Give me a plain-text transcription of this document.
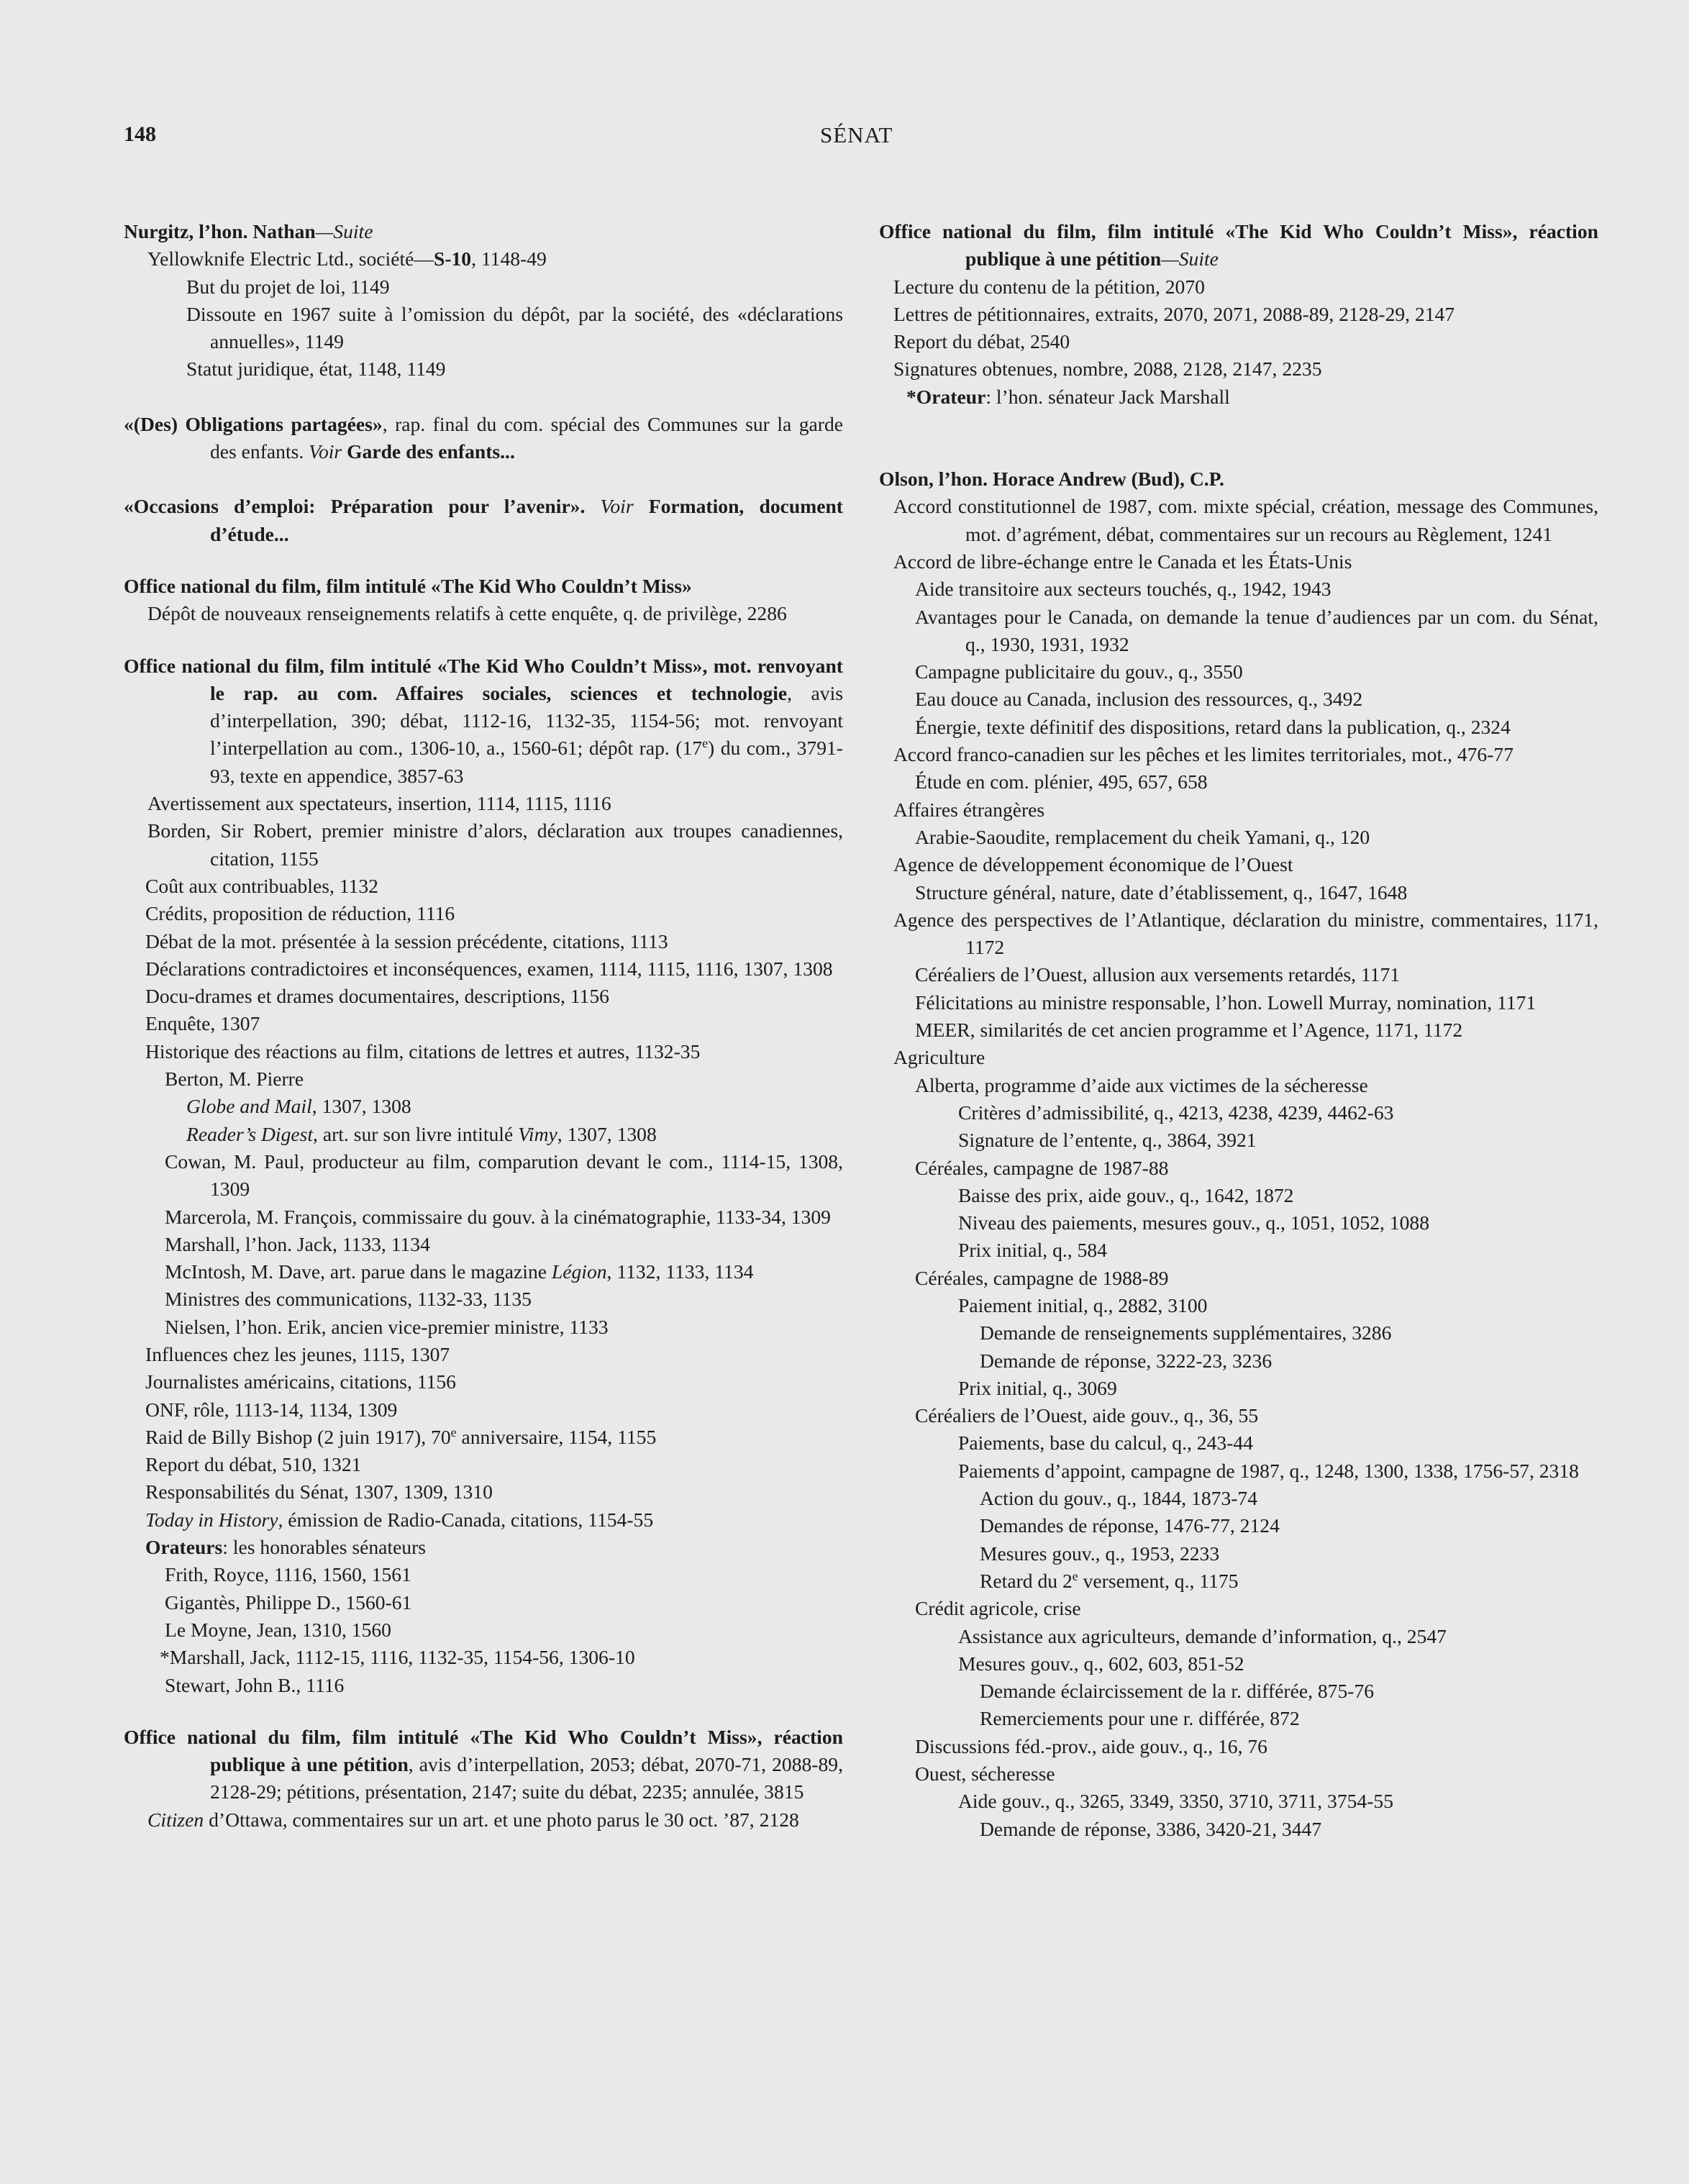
148	SÉNAT

Nurgitz, l’hon. Nathan—Suite

Yellowknife Electric Ltd., société—S-10, 1148-49

But du projet de loi, 1149

Dissoute en 1967 suite à l’omission du dépôt, par la société, des «déclarations annuelles», 1149

Statut juridique, état, 1148, 1149

«(Des) Obligations partagées», rap. final du com. spécial des Communes sur la garde des enfants. Voir Garde des enfants...

«Occasions d’emploi: Préparation pour l’avenir». Voir Formation, document d’étude...

Office national du film, film intitulé «The Kid Who Couldn’t Miss»

Dépôt de nouveaux renseignements relatifs à cette enquête, q. de privilège, 2286

Office national du film, film intitulé «The Kid Who Couldn’t Miss», mot. renvoyant le rap. au com. Affaires sociales, sciences et technologie, avis d’interpellation, 390; débat, 1112-16, 1132-35, 1154-56; mot. renvoyant l’interpellation au com., 1306-10, a., 1560-61; dépôt rap. (17e) du com., 3791-93, texte en appendice, 3857-63

Avertissement aux spectateurs, insertion, 1114, 1115, 1116

Borden, Sir Robert, premier ministre d’alors, déclaration aux troupes canadiennes, citation, 1155

Coût aux contribuables, 1132

Crédits, proposition de réduction, 1116

Débat de la mot. présentée à la session précédente, citations, 1113

Déclarations contradictoires et inconséquences, examen, 1114, 1115, 1116, 1307, 1308

Docu-drames et drames documentaires, descriptions, 1156

Enquête, 1307

Historique des réactions au film, citations de lettres et autres, 1132-35

Berton, M. Pierre

Globe and Mail, 1307, 1308

Reader’s Digest, art. sur son livre intitulé Vimy, 1307, 1308

Cowan, M. Paul, producteur au film, comparution devant le com., 1114-15, 1308, 1309

Marcerola, M. François, commissaire du gouv. à la cinématographie, 1133-34, 1309

Marshall, l’hon. Jack, 1133, 1134

McIntosh, M. Dave, art. parue dans le magazine Légion, 1132, 1133, 1134

Ministres des communications, 1132-33, 1135

Nielsen, l’hon. Erik, ancien vice-premier ministre, 1133

Influences chez les jeunes, 1115, 1307

Journalistes américains, citations, 1156

ONF, rôle, 1113-14, 1134, 1309

Raid de Billy Bishop (2 juin 1917), 70e anniversaire, 1154, 1155

Report du débat, 510, 1321

Responsabilités du Sénat, 1307, 1309, 1310

Today in History, émission de Radio-Canada, citations, 1154-55

Orateurs: les honorables sénateurs

Frith, Royce, 1116, 1560, 1561

Gigantès, Philippe D., 1560-61

Le Moyne, Jean, 1310, 1560

*Marshall, Jack, 1112-15, 1116, 1132-35, 1154-56, 1306-10

Stewart, John B., 1116

Office national du film, film intitulé «The Kid Who Couldn’t Miss», réaction publique à une pétition, avis d’interpellation, 2053; débat, 2070-71, 2088-89, 2128-29; pétitions, présentation, 2147; suite du débat, 2235; annulée, 3815

Citizen d’Ottawa, commentaires sur un art. et une photo parus le 30 oct. ’87, 2128

Office national du film, film intitulé «The Kid Who Couldn’t Miss», réaction publique à une pétition—Suite

Lecture du contenu de la pétition, 2070

Lettres de pétitionnaires, extraits, 2070, 2071, 2088-89, 2128-29, 2147

Report du débat, 2540

Signatures obtenues, nombre, 2088, 2128, 2147, 2235

*Orateur: l’hon. sénateur Jack Marshall

Olson, l’hon. Horace Andrew (Bud), C.P.

Accord constitutionnel de 1987, com. mixte spécial, création, message des Communes, mot. d’agrément, débat, commentaires sur un recours au Règlement, 1241

Accord de libre-échange entre le Canada et les États-Unis

Aide transitoire aux secteurs touchés, q., 1942, 1943

Avantages pour le Canada, on demande la tenue d’audiences par un com. du Sénat, q., 1930, 1931, 1932

Campagne publicitaire du gouv., q., 3550

Eau douce au Canada, inclusion des ressources, q., 3492

Énergie, texte définitif des dispositions, retard dans la publication, q., 2324

Accord franco-canadien sur les pêches et les limites territoriales, mot., 476-77

Étude en com. plénier, 495, 657, 658

Affaires étrangères

Arabie-Saoudite, remplacement du cheik Yamani, q., 120

Agence de développement économique de l’Ouest

Structure général, nature, date d’établissement, q., 1647, 1648

Agence des perspectives de l’Atlantique, déclaration du ministre, commentaires, 1171, 1172

Céréaliers de l’Ouest, allusion aux versements retardés, 1171

Félicitations au ministre responsable, l’hon. Lowell Murray, nomination, 1171

MEER, similarités de cet ancien programme et l’Agence, 1171, 1172

Agriculture

Alberta, programme d’aide aux victimes de la sécheresse

Critères d’admissibilité, q., 4213, 4238, 4239, 4462-63

Signature de l’entente, q., 3864, 3921

Céréales, campagne de 1987-88

Baisse des prix, aide gouv., q., 1642, 1872

Niveau des paiements, mesures gouv., q., 1051, 1052, 1088

Prix initial, q., 584

Céréales, campagne de 1988-89

Paiement initial, q., 2882, 3100

Demande de renseignements supplémentaires, 3286

Demande de réponse, 3222-23, 3236

Prix initial, q., 3069

Céréaliers de l’Ouest, aide gouv., q., 36, 55

Paiements, base du calcul, q., 243-44

Paiements d’appoint, campagne de 1987, q., 1248, 1300, 1338, 1756-57, 2318

Action du gouv., q., 1844, 1873-74

Demandes de réponse, 1476-77, 2124

Mesures gouv., q., 1953, 2233

Retard du 2e versement, q., 1175

Crédit agricole, crise

Assistance aux agriculteurs, demande d’information, q., 2547

Mesures gouv., q., 602, 603, 851-52

Demande éclaircissement de la r. différée, 875-76

Remerciements pour une r. différée, 872

Discussions féd.-prov., aide gouv., q., 16, 76

Ouest, sécheresse

Aide gouv., q., 3265, 3349, 3350, 3710, 3711, 3754-55

Demande de réponse, 3386, 3420-21, 3447
